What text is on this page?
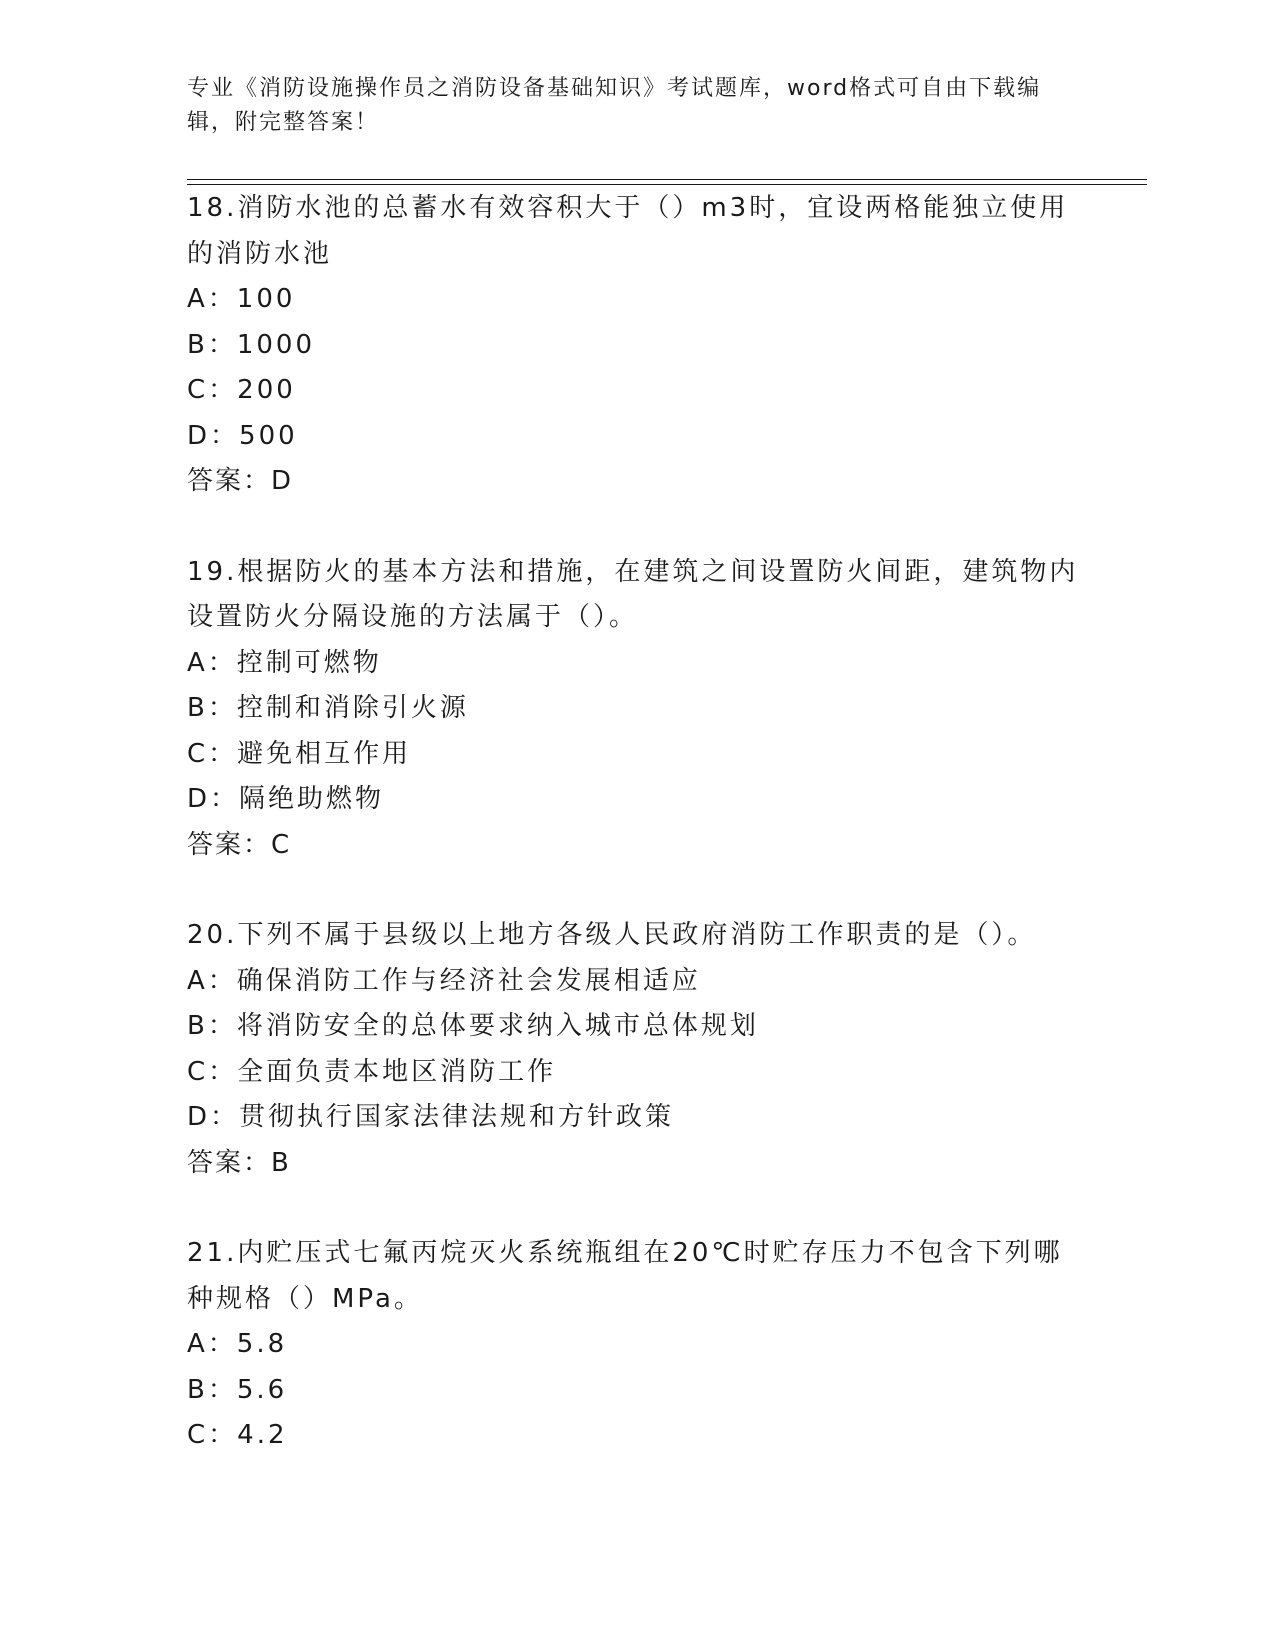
专业《消防设施操作员之消防设备基础知识》考试题库，word格式可自由下载编辑，附完整答案！
18.消防水池的总蓄水有效容积大于（）m3时，宜设两格能独立使用的消防水池
A：100
B：1000
C：200
D：500
答案：D
19.根据防火的基本方法和措施，在建筑之间设置防火间距，建筑物内设置防火分隔设施的方法属于（）。
A：控制可燃物
B：控制和消除引火源
C：避免相互作用
D：隔绝助燃物
答案：C
20.下列不属于县级以上地方各级人民政府消防工作职责的是（）。
A：确保消防工作与经济社会发展相适应
B：将消防安全的总体要求纳入城市总体规划
C：全面负责本地区消防工作
D：贯彻执行国家法律法规和方针政策
答案：B
21.内贮压式七氟丙烷灭火系统瓶组在20℃时贮存压力不包含下列哪种规格（）MPa。
A：5.8
B：5.6
C：4.2
